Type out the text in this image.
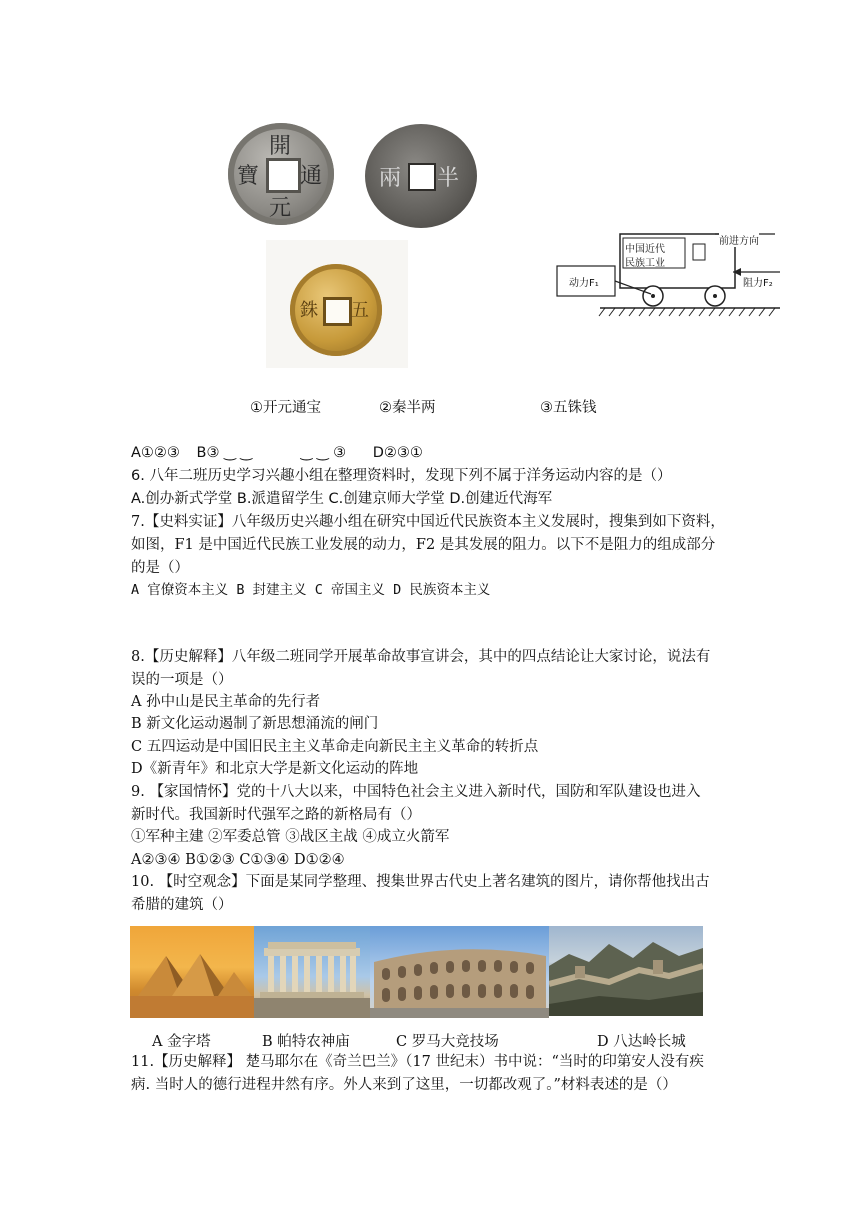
開
元
通
寶	半
兩
五
銖
中国近代
民族工业
前进方向
动力F₁	阻力F₂
①开元通宝	②秦半两	③五铢钱
A①②③ B③ ‿ ‿	‿ ‿ ③ D②③①
6. 八年二班历史学习兴趣小组在整理资料时，发现下列不属于洋务运动内容的是（）
A.创办新式学堂 B.派遣留学生 C.创建京师大学堂 D.创建近代海军
7.【史料实证】八年级历史兴趣小组在研究中国近代民族资本主义发展时，搜集到如下资料，
如图，F1 是中国近代民族工业发展的动力，F2 是其发展的阻力。以下不是阻力的组成部分
的是（）
A 官僚资本主义 B 封建主义 C 帝国主义 D 民族资本主义
8.【历史解释】八年级二班同学开展革命故事宣讲会，其中的四点结论让大家讨论，说法有
误的一项是（）
A 孙中山是民主革命的先行者
B 新文化运动遏制了新思想涌流的闸门
C 五四运动是中国旧民主主义革命走向新民主主义革命的转折点
D《新青年》和北京大学是新文化运动的阵地
9. 【家国情怀】党的十八大以来，中国特色社会主义进入新时代，国防和军队建设也进入
新时代。我国新时代强军之路的新格局有（）
①军种主建 ②军委总管 ③战区主战 ④成立火箭军
A②③④ B①②③ C①③④ D①②④
10. 【时空观念】下面是某同学整理、搜集世界古代史上著名建筑的图片，请你帮他找出古
希腊的建筑（）
A 金字塔	B 帕特农神庙	C 罗马大竞技场	D 八达岭长城
11.【历史解释】 楚马耶尔在《奇兰巴兰》（17 世纪末）书中说：“当时的印第安人没有疾
病. 当时人的德行进程井然有序。外人来到了这里，一切都改观了。”材料表述的是（）
